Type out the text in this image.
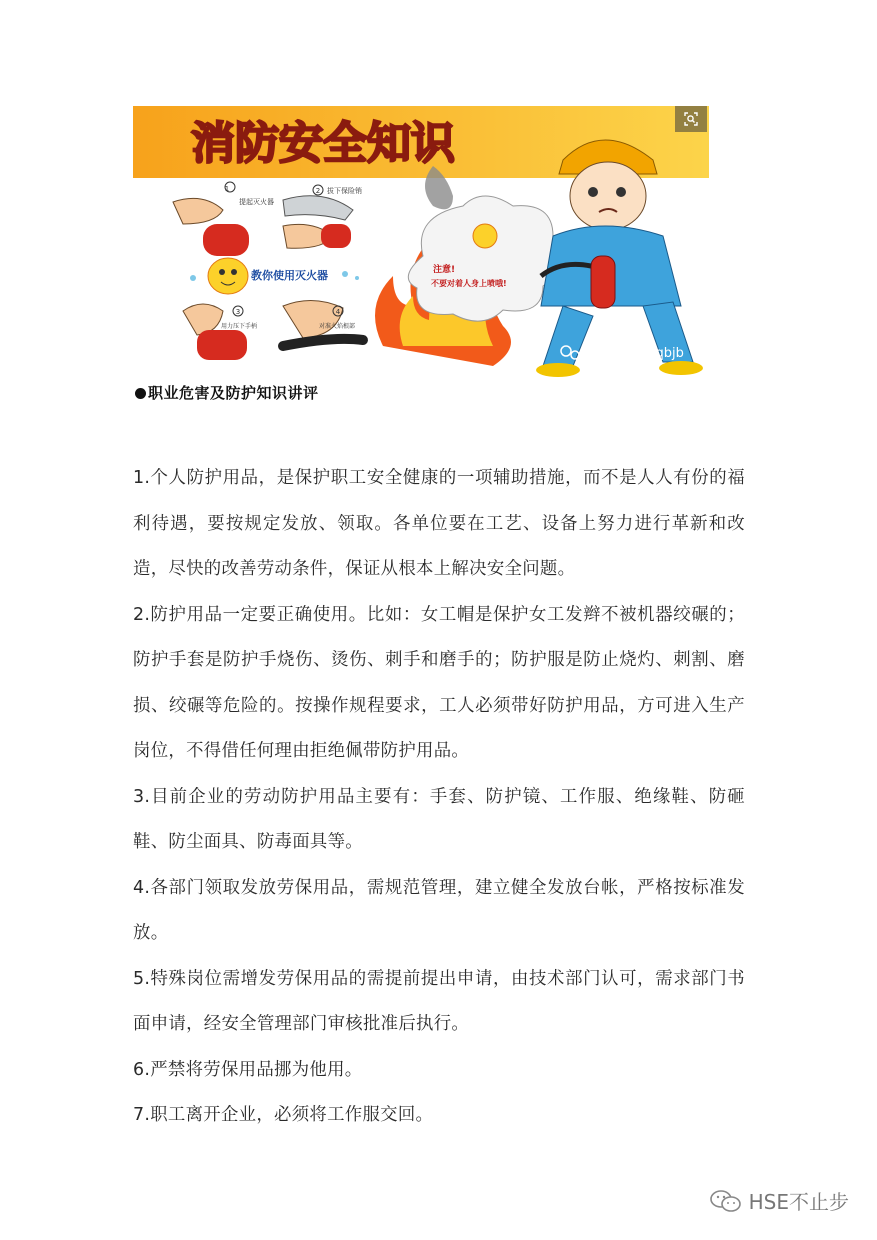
消防安全知识
1
提起灭火器
2 拔下保险销
教你使用灭火器
3
用力压下手柄
4
对准火焰根部
注意!
不要对着人身上喷哦!
微信号: bzaqbjb
职业危害及防护知识讲评

1.个人防护用品，是保护职工安全健康的一项辅助措施，而不是人人有份的福利待遇，要按规定发放、领取。各单位要在工艺、设备上努力进行革新和改造，尽快的改善劳动条件，保证从根本上解决安全问题。

2.防护用品一定要正确使用。比如：女工帽是保护女工发辫不被机器绞碾的；防护手套是防护手烧伤、烫伤、刺手和磨手的；防护服是防止烧灼、刺割、磨损、绞碾等危险的。按操作规程要求，工人必须带好防护用品，方可进入生产岗位，不得借任何理由拒绝佩带防护用品。

3.目前企业的劳动防护用品主要有：手套、防护镜、工作服、绝缘鞋、防砸鞋、防尘面具、防毒面具等。

4.各部门领取发放劳保用品，需规范管理，建立健全发放台帐，严格按标准发放。

5.特殊岗位需增发劳保用品的需提前提出申请，由技术部门认可，需求部门书面申请，经安全管理部门审核批准后执行。

6.严禁将劳保用品挪为他用。

7.职工离开企业，必须将工作服交回。

HSE不止步
